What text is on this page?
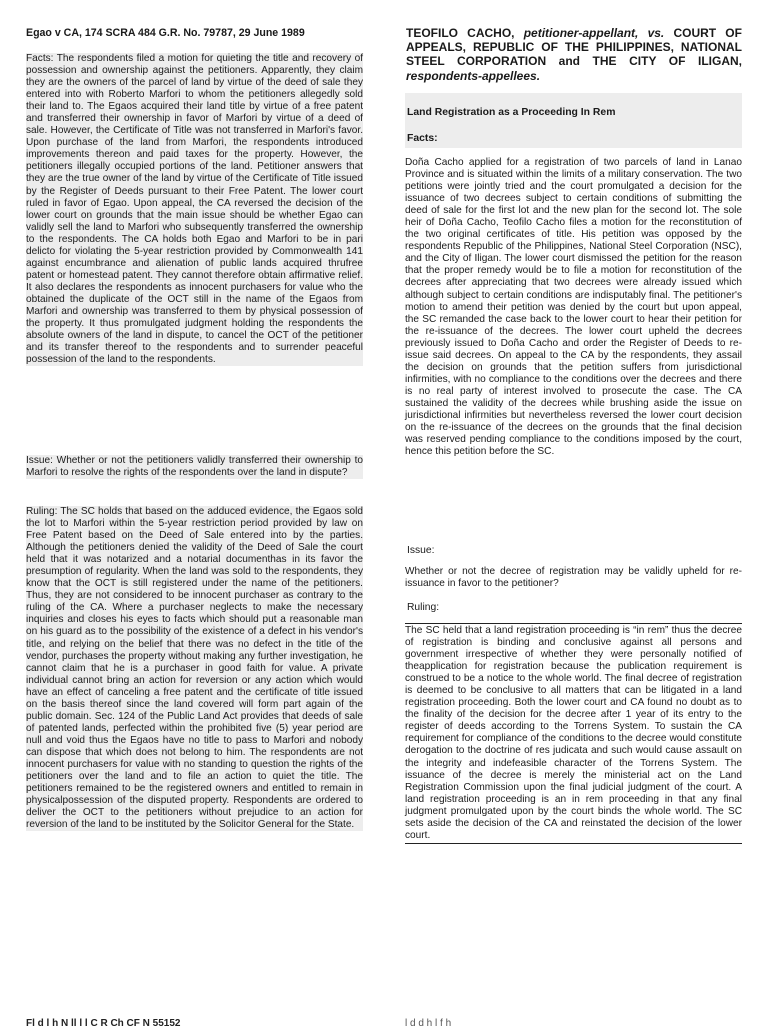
Egao v CA, 174 SCRA 484 G.R. No. 79787, 29 June 1989

Facts: The respondents filed a motion for quieting the title and recovery of possession and ownership against the petitioners. Apparently, they claim they are the owners of the parcel of land by virtue of the deed of sale they entered into with Roberto Marfori to whom the petitioners allegedly sold their land to. The Egaos acquired their land title by virtue of a free patent and transferred their ownership in favor of Marfori by virtue of a deed of sale. However, the Certificate of Title was not transferred in Marfori's favor. Upon purchase of the land from Marfori, the respondents introduced improvements thereon and paid taxes for the property. However, the petitioners illegally occupied portions of the land. Petitioner answers that they are the true owner of the land by virtue of the Certificate of Title issued by the Register of Deeds pursuant to their Free Patent. The lower court ruled in favor of Egao. Upon appeal, the CA reversed the decision of the lower court on grounds that the main issue should be whether Egao can validly sell the land to Marfori who subsequently transferred the ownership to the respondents. The CA holds both Egao and Marfori to be in pari delicto for violating the 5-year restriction provided by Commonwealth 141 against encumbrance and alienation of public lands acquired thrufree patent or homestead patent. They cannot therefore obtain affirmative relief. It also declares the respondents as innocent purchasers for value who the obtained the duplicate of the OCT still in the name of the Egaos from Marfori and ownership was transferred to them by physical possession of the property. It thus promulgated judgment holding the respondents the absolute owners of the land in dispute, to cancel the OCT of the petitioner and its transfer thereof to the respondents and to surrender peaceful possession of the land to the respondents.

Issue: Whether or not the petitioners validly transferred their ownership to Marfori to resolve the rights of the respondents over the land in dispute?

Ruling: The SC holds that based on the adduced evidence, the Egaos sold the lot to Marfori within the 5-year restriction period provided by law on Free Patent based on the Deed of Sale entered into by the parties. Although the petitioners denied the validity of the Deed of Sale the court held that it was notarized and a notarial documenthas in its favor the presumption of regularity. When the land was sold to the respondents, they know that the OCT is still registered under the name of the petitioners. Thus, they are not considered to be innocent purchaser as contrary to the ruling of the CA. Where a purchaser neglects to make the necessary inquiries and closes his eyes to facts which should put a reasonable man on his guard as to the possibility of the existence of a defect in his vendor's title, and relying on the belief that there was no defect in the title of the vendor, purchases the property without making any further investigation, he cannot claim that he is a purchaser in good faith for value. A private individual cannot bring an action for reversion or any action which would have an effect of canceling a free patent and the certificate of title issued on the basis thereof since the land covered will form part again of the public domain. Sec. 124 of the Public Land Act provides that deeds of sale of patented lands, perfected within the prohibited five (5) year period are null and void thus the Egaos have no title to pass to Marfori and nobody can dispose that which does not belong to him. The respondents are not innocent purchasers for value with no standing to question the rights of the petitioners over the land and to file an action to quiet the title. The petitioners remained to be the registered owners and entitled to remain in physicalpossession of the disputed property. Respondents are ordered to deliver the OCT to the petitioners without prejudice to an action for reversion of the land to be instituted by the Solicitor General for the State.

Fl d l h N ll l l C R Ch CF N 55152

TEOFILO CACHO, petitioner-appellant, vs. COURT OF APPEALS, REPUBLIC OF THE PHILIPPINES, NATIONAL STEEL CORPORATION and THE CITY OF ILIGAN, respondents-appellees.

Land Registration as a Proceeding In Rem

Facts:

Doña Cacho applied for a registration of two parcels of land in Lanao Province and is situated within the limits of a military conservation. The two petitions were jointly tried and the court promulgated a decision for the issuance of two decrees subject to certain conditions of submitting the deed of sale for the first lot and the new plan for the second lot. The sole heir of Doña Cacho, Teofilo Cacho files a motion for the reconstitution of the two original certificates of title. His petition was opposed by the respondents Republic of the Philippines, National Steel Corporation (NSC), and the City of Iligan. The lower court dismissed the petition for the reason that the proper remedy would be to file a motion for reconstitution of the decrees after appreciating that two decrees were already issued which although subject to certain conditions are indisputably final. The petitioner's motion to amend their petition was denied by the court but upon appeal, the SC remanded the case back to the lower court to hear their petition for the re-issuance of the decrees. The lower court upheld the decrees previously issued to Doña Cacho and order the Register of Deeds to re-issue said decrees. On appeal to the CA by the respondents, they assail the decision on grounds that the petition suffers from jurisdictional infirmities, with no compliance to the conditions over the decrees and there is no real party of interest involved to prosecute the case. The CA sustained the validity of the decrees while brushing aside the issue on jurisdictional infirmities but nevertheless reversed the lower court decision on the re-issuance of the decrees on the grounds that the final decision was reserved pending compliance to the conditions imposed by the court, hence this petition before the SC.

Issue:

Whether or not the decree of registration may be validly upheld for re-issuance in favor to the petitioner?

Ruling:

The SC held that a land registration proceeding is “in rem” thus the decree of registration is binding and conclusive against all persons and government irrespective of whether they were personally notified of theapplication for registration because the publication requirement is construed to be a notice to the whole world. The final decree of registration is deemed to be conclusive to all matters that can be litigated in a land registration proceeding. Both the lower court and CA found no doubt as to the finality of the decision for the decree after 1 year of its entry to the register of deeds according to the Torrens System. To sustain the CA requirement for compliance of the conditions to the decree would constitute derogation to the doctrine of res judicata and such would cause assault on the integrity and indefeasible character of the Torrens System. The issuance of the decree is merely the ministerial act on the Land Registration Commission upon the final judicial judgment of the court. A land registration proceeding is an in rem proceeding in that any final judgment promulgated upon by the court binds the whole world. The SC sets aside the decision of the CA and reinstated the decision of the lower court.

l d d h l f h
